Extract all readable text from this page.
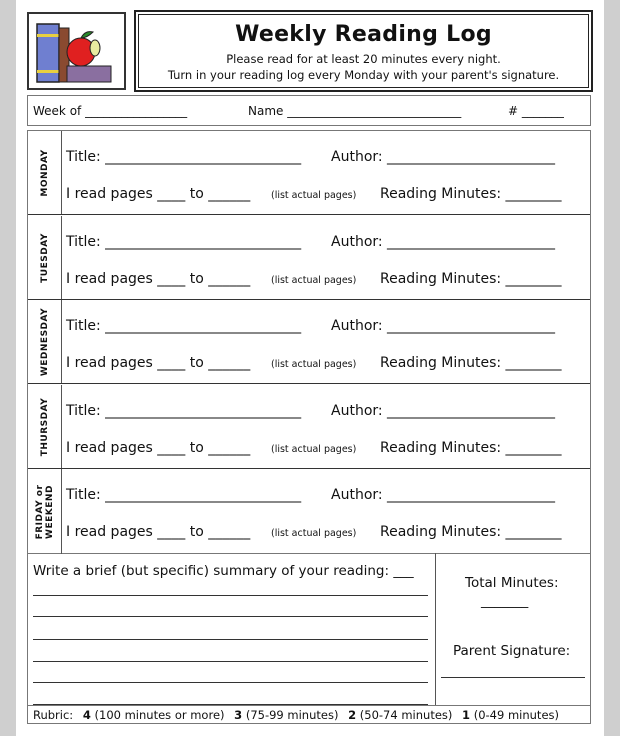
Weekly Reading Log

Please read for at least 20 minutes every night.

Turn in your reading log every Monday with your parent's signature.

Week of _________________	Name _____________________________	# _______
MONDAY Title: ____________________________ Author: ________________________
I read pages ____ to ______ (list actual pages) Reading Minutes: ________
TUESDAY Title: ____________________________ Author: ________________________
I read pages ____ to ______ (list actual pages) Reading Minutes: ________
WEDNESDAY Title: ____________________________ Author: ________________________
I read pages ____ to ______ (list actual pages) Reading Minutes: ________
THURSDAY Title: ____________________________ Author: ________________________
I read pages ____ to ______ (list actual pages) Reading Minutes: ________
FRIDAY or
WEEKEND Title: ____________________________ Author: ________________________
I read pages ____ to ______ (list actual pages) Reading Minutes: ________
Write a brief (but specific) summary of your reading: ___
Total Minutes:
_______
Parent Signature:
Rubric: 4 (100 minutes or more) 3 (75-99 minutes) 2 (50-74 minutes) 1 (0-49 minutes)
